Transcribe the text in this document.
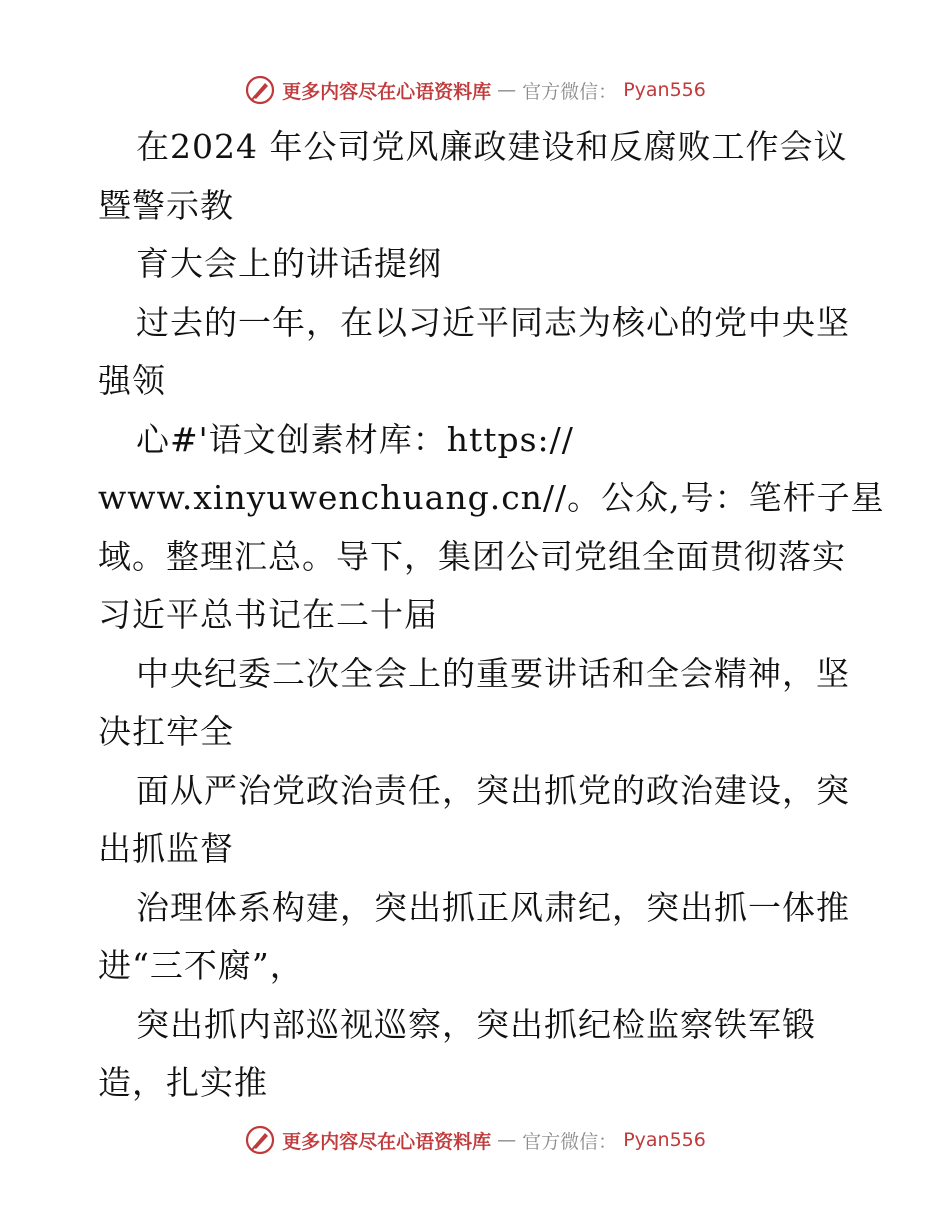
更多内容尽在心语资料库 — 官方微信： Pyan556
在2024 年公司党风廉政建设和反腐败工作会议
暨警示教
育大会上的讲话提纲
过去的一年，在以习近平同志为核心的党中央坚
强领
心#'语文创素材库：https://
www.xinyuwenchuang.cn//。公众,号：笔杆子星
域。整理汇总。导下，集团公司党组全面贯彻落实
习近平总书记在二十届
中央纪委二次全会上的重要讲话和全会精神，坚
决扛牢全
面从严治党政治责任，突出抓党的政治建设，突
出抓监督
治理体系构建，突出抓正风肃纪，突出抓一体推
进“三不腐”，
突出抓内部巡视巡察，突出抓纪检监察铁军锻
造，扎实推
更多内容尽在心语资料库 — 官方微信： Pyan556
